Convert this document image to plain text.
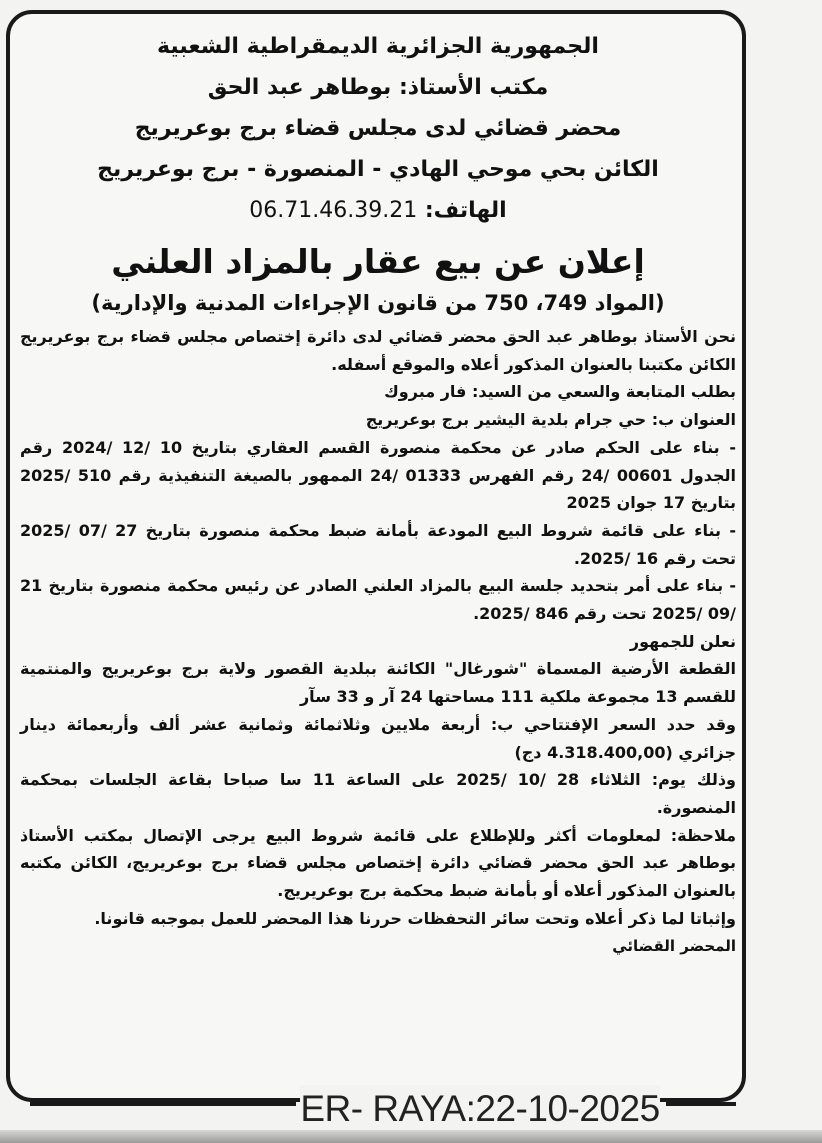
الجمهورية الجزائرية الديمقراطية الشعبية

مكتب الأستاذ: بوطاهر عبد الحق

محضر قضائي لدى مجلس قضاء برج بوعريريج

الكائن بحي موحي الهادي - المنصورة - برج بوعريريج

الهاتف: 06.71.46.39.21

إعلان عن بيع عقار بالمزاد العلني

(المواد 749، 750 من قانون الإجراءات المدنية والإدارية)

نحن الأستاذ بوطاهر عبد الحق محضر قضائي لدى دائرة إختصاص مجلس قضاء برج بوعريريج الكائن مكتبنا بالعنوان المذكور أعلاه والموقع أسفله.

بطلب المتابعة والسعي من السيد: فار مبروك

العنوان ب: حي جرام بلدية اليشير برج بوعريريج

- بناء على الحكم صادر عن محكمة منصورة القسم العقاري بتاريخ 10 /12 /2024 رقم الجدول 00601 /24 رقم الفهرس 01333 /24 الممهور بالصيغة التنفيذية رقم 510 /2025 بتاريخ 17 جوان 2025

- بناء على قائمة شروط البيع المودعة بأمانة ضبط محكمة منصورة بتاريخ 27 /07 /2025 تحت رقم 16 /2025.

- بناء على أمر بتحديد جلسة البيع بالمزاد العلني الصادر عن رئيس محكمة منصورة بتاريخ 21 /09 /2025 تحت رقم 846 /2025.

نعلن للجمهور

القطعة الأرضية المسماة "شورغال" الكائنة ببلدية القصور ولاية برج بوعريريج والمنتمية للقسم 13 مجموعة ملكية 111 مساحتها 24 آر و 33 سآر

وقد حدد السعر الإفتتاحي ب: أربعة ملايين وثلاثمائة وثمانية عشر ألف وأربعمائة دينار جزائري (4.318.400,00 دج)

وذلك يوم: الثلاثاء 28 /10 /2025 على الساعة 11 سا صباحا بقاعة الجلسات بمحكمة المنصورة.

ملاحظة: لمعلومات أكثر وللإطلاع على قائمة شروط البيع يرجى الإتصال بمكتب الأستاذ بوطاهر عبد الحق محضر قضائي دائرة إختصاص مجلس قضاء برج بوعريريج، الكائن مكتبه بالعنوان المذكور أعلاه أو بأمانة ضبط محكمة برج بوعريريج.

وإثباتا لما ذكر أعلاه وتحت سائر التحفظات حررنا هذا المحضر للعمل بموجبه قانونا.

المحضر القضائي

ER- RAYA:22-10-2025
